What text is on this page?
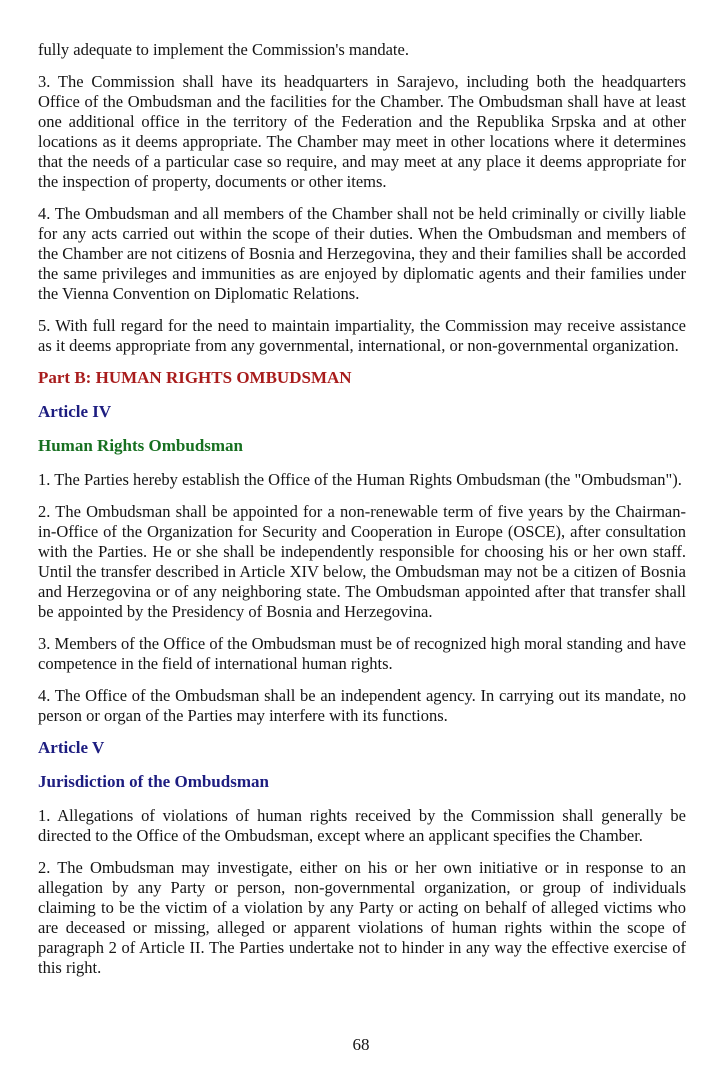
fully adequate to implement the Commission's mandate.

3. The Commission shall have its headquarters in Sarajevo, including both the headquarters Office of the Ombudsman and the facilities for the Chamber. The Ombudsman shall have at least one additional office in the territory of the Federation and the Republika Srpska and at other locations as it deems appropriate. The Chamber may meet in other locations where it determines that the needs of a particular case so require, and may meet at any place it deems appropriate for the inspection of property, documents or other items.

4. The Ombudsman and all members of the Chamber shall not be held criminally or civilly liable for any acts carried out within the scope of their duties. When the Ombudsman and members of the Chamber are not citizens of Bosnia and Herzegovina, they and their families shall be accorded the same privileges and immunities as are enjoyed by diplomatic agents and their families under the Vienna Convention on Diplomatic Relations.

5. With full regard for the need to maintain impartiality, the Commission may receive assistance as it deems appropriate from any governmental, international, or non-governmental organization.

Part B: HUMAN RIGHTS OMBUDSMAN
Article IV
Human Rights Ombudsman

1. The Parties hereby establish the Office of the Human Rights Ombudsman (the "Ombudsman").

2. The Ombudsman shall be appointed for a non-renewable term of five years by the Chairman-in-Office of the Organization for Security and Cooperation in Europe (OSCE), after consultation with the Parties. He or she shall be independently responsible for choosing his or her own staff. Until the transfer described in Article XIV below, the Ombudsman may not be a citizen of Bosnia and Herzegovina or of any neighboring state. The Ombudsman appointed after that transfer shall be appointed by the Presidency of Bosnia and Herzegovina.

3. Members of the Office of the Ombudsman must be of recognized high moral standing and have competence in the field of international human rights.

4. The Office of the Ombudsman shall be an independent agency. In carrying out its mandate, no person or organ of the Parties may interfere with its functions.

Article V
Jurisdiction of the Ombudsman

1. Allegations of violations of human rights received by the Commission shall generally be directed to the Office of the Ombudsman, except where an applicant specifies the Chamber.

2. The Ombudsman may investigate, either on his or her own initiative or in response to an allegation by any Party or person, non-governmental organization, or group of individuals claiming to be the victim of a violation by any Party or acting on behalf of alleged victims who are deceased or missing, alleged or apparent violations of human rights within the scope of paragraph 2 of Article II. The Parties undertake not to hinder in any way the effective exercise of this right.

68
